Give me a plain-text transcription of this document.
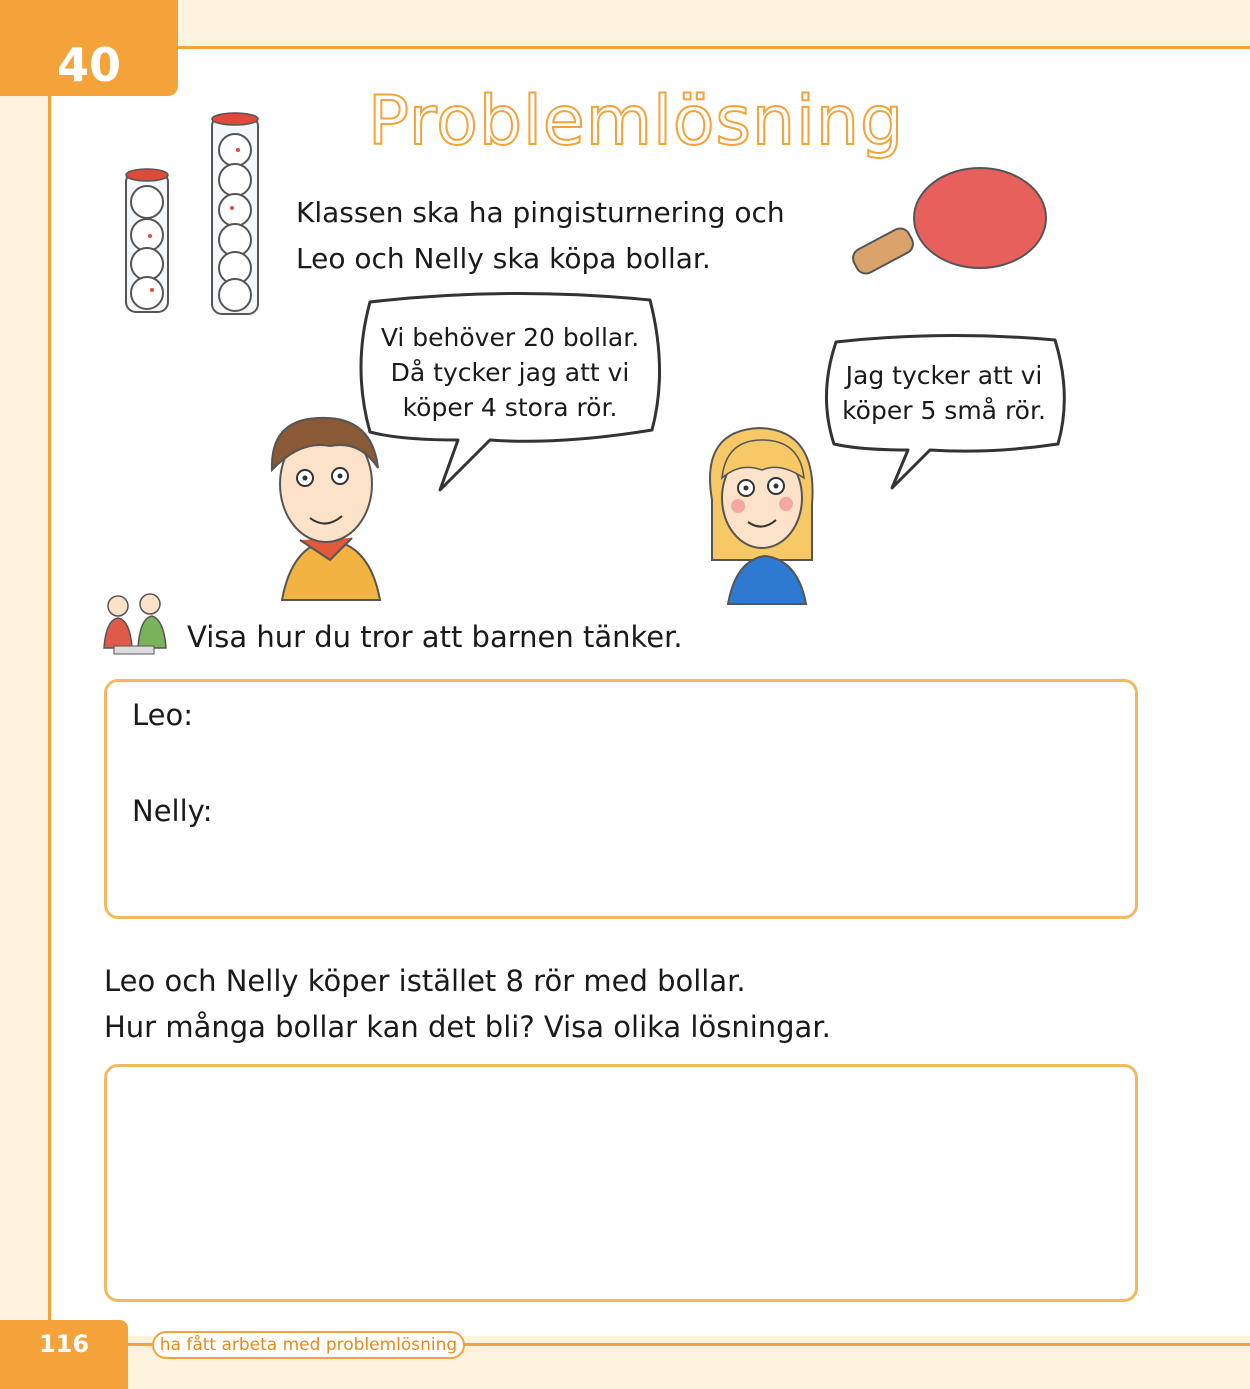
40
Problemlösning
Klassen ska ha pingisturnering och
Leo och Nelly ska köpa bollar.
Vi behöver 20 bollar.
Då tycker jag att vi
köper 4 stora rör.
Jag tycker att vi
köper 5 små rör.
Visa hur du tror att barnen tänker.
Leo:
Nelly:
Leo och Nelly köper istället 8 rör med bollar.
Hur många bollar kan det bli? Visa olika lösningar.
116	ha fått arbeta med problemlösning
